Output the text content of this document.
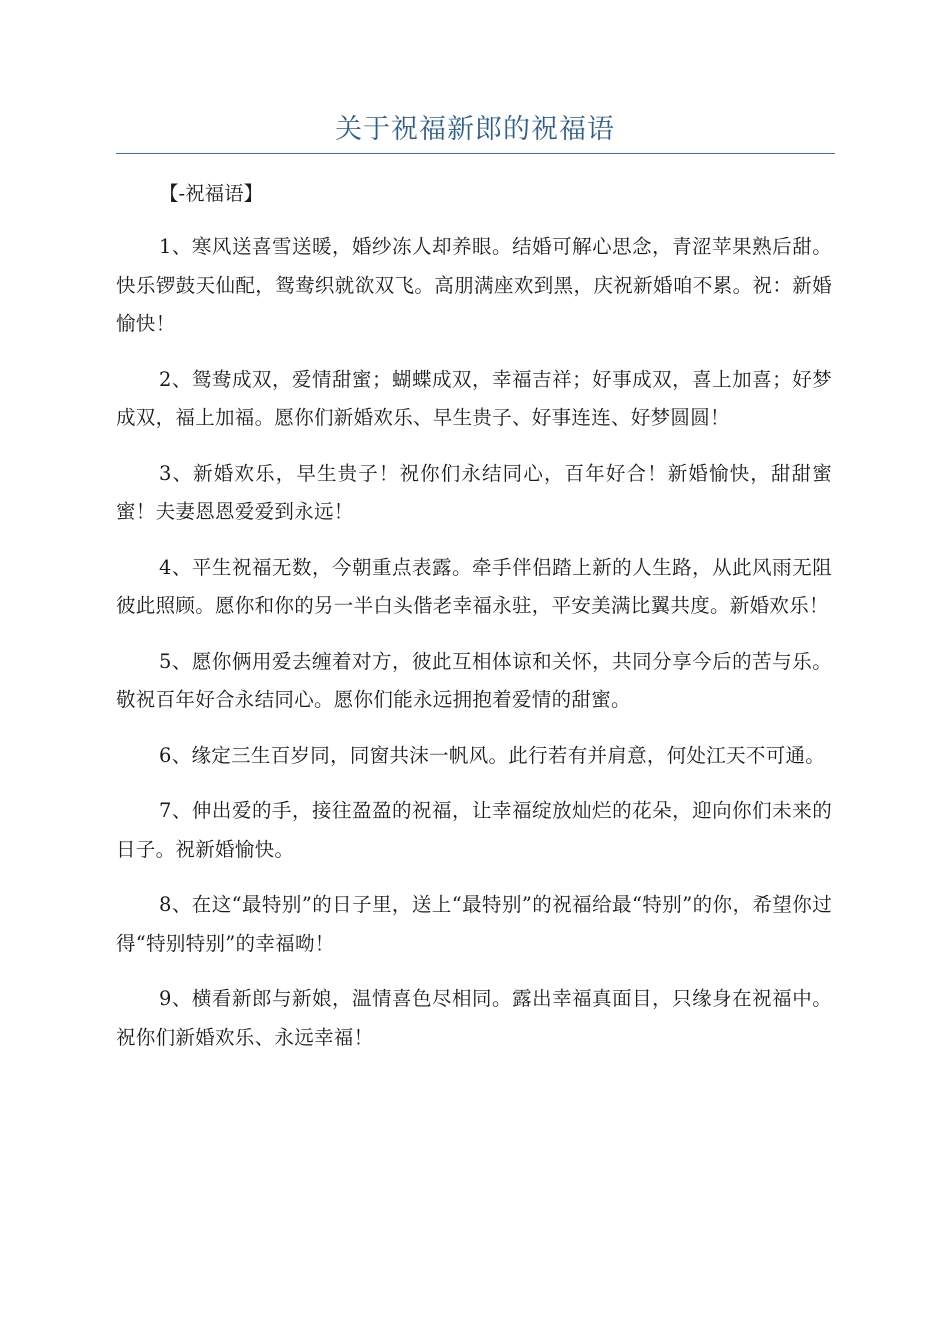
关于祝福新郎的祝福语

【-祝福语】

1、寒风送喜雪送暖，婚纱冻人却养眼。结婚可解心思念，青涩苹果熟后甜。快乐锣鼓天仙配，鸳鸯织就欲双飞。高朋满座欢到黑，庆祝新婚咱不累。祝：新婚愉快！

2、鸳鸯成双，爱情甜蜜；蝴蝶成双，幸福吉祥；好事成双，喜上加喜；好梦成双，福上加福。愿你们新婚欢乐、早生贵子、好事连连、好梦圆圆！

3、新婚欢乐，早生贵子！祝你们永结同心，百年好合！新婚愉快，甜甜蜜蜜！夫妻恩恩爱爱到永远！

4、平生祝福无数，今朝重点表露。牵手伴侣踏上新的人生路，从此风雨无阻彼此照顾。愿你和你的另一半白头偕老幸福永驻，平安美满比翼共度。新婚欢乐！

5、愿你俩用爱去缠着对方，彼此互相体谅和关怀，共同分享今后的苦与乐。敬祝百年好合永结同心。愿你们能永远拥抱着爱情的甜蜜。

6、缘定三生百岁同，同窗共沫一帆风。此行若有并肩意，何处江天不可通。

7、伸出爱的手，接往盈盈的祝福，让幸福绽放灿烂的花朵，迎向你们未来的日子。祝新婚愉快。

8、在这“最特别”的日子里，送上“最特别”的祝福给最“特别”的你，希望你过得“特别特别”的幸福呦！

9、横看新郎与新娘，温情喜色尽相同。露出幸福真面目，只缘身在祝福中。祝你们新婚欢乐、永远幸福！
